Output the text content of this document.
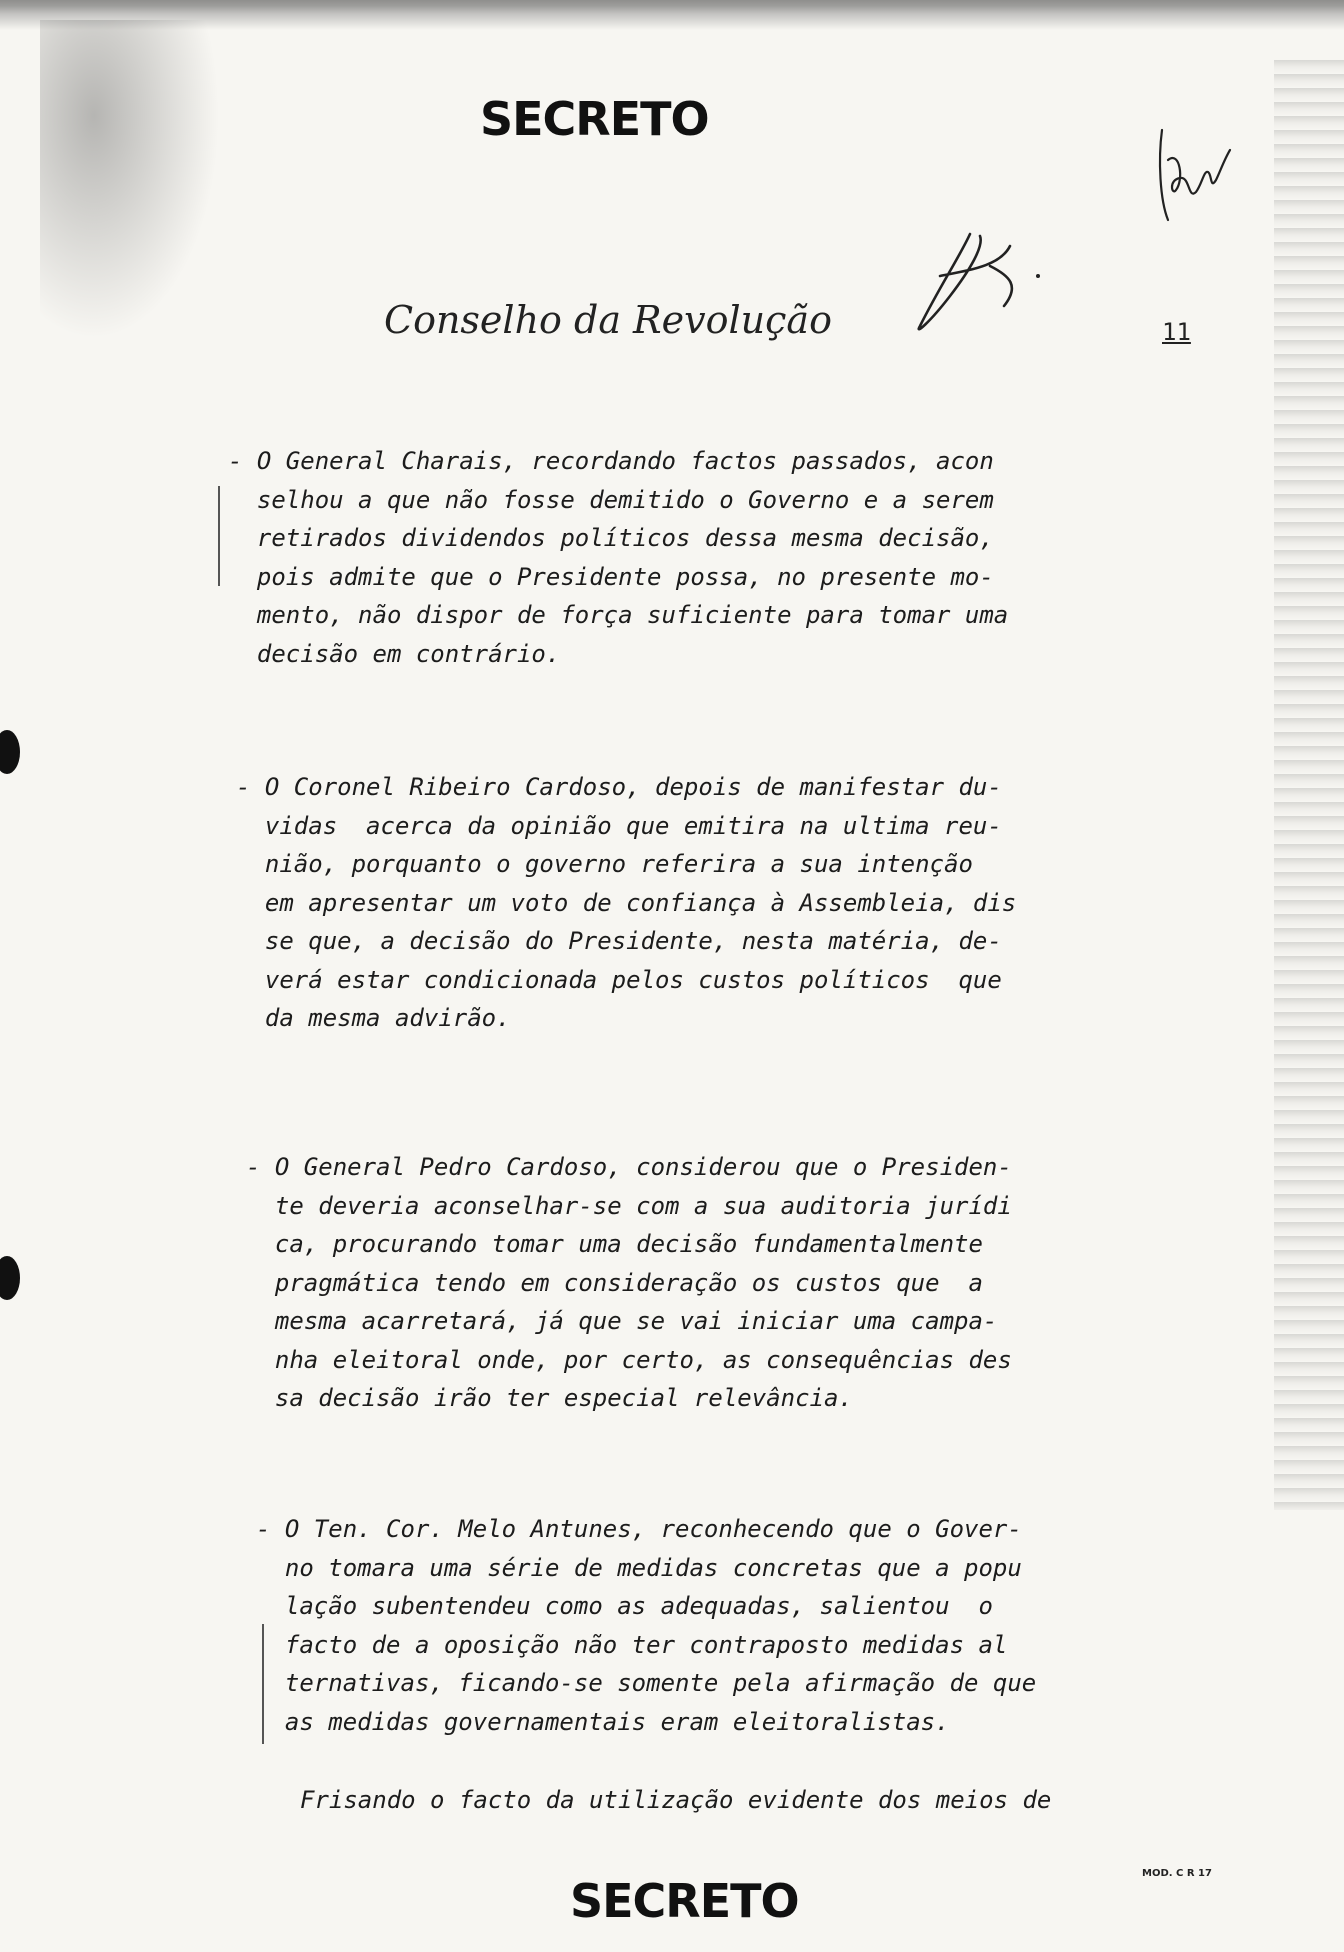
SECRETO
Conselho da Revolução	11
- O General Charais, recordando factos passados, acon
selhou a que não fosse demitido o Governo e a serem
retirados dividendos políticos dessa mesma decisão,
pois admite que o Presidente possa, no presente mo-
mento, não dispor de força suficiente para tomar uma
decisão em contrário.
- O Coronel Ribeiro Cardoso, depois de manifestar du-
vidas  acerca da opinião que emitira na ultima reu-
nião, porquanto o governo referira a sua intenção
em apresentar um voto de confiança à Assembleia, dis
se que, a decisão do Presidente, nesta matéria, de-
verá estar condicionada pelos custos políticos  que
da mesma advirão.
- O General Pedro Cardoso, considerou que o Presiden-
te deveria aconselhar-se com a sua auditoria jurídi
ca, procurando tomar uma decisão fundamentalmente
pragmática tendo em consideração os custos que  a
mesma acarretará, já que se vai iniciar uma campa-
nha eleitoral onde, por certo, as consequências des
sa decisão irão ter especial relevância.
- O Ten. Cor. Melo Antunes, reconhecendo que o Gover-
no tomara uma série de medidas concretas que a popu
lação subentendeu como as adequadas, salientou  o
facto de a oposição não ter contraposto medidas al
ternativas, ficando-se somente pela afirmação de que
as medidas governamentais eram eleitoralistas.
Frisando o facto da utilização evidente dos meios de
MOD. C R 17
SECRETO
